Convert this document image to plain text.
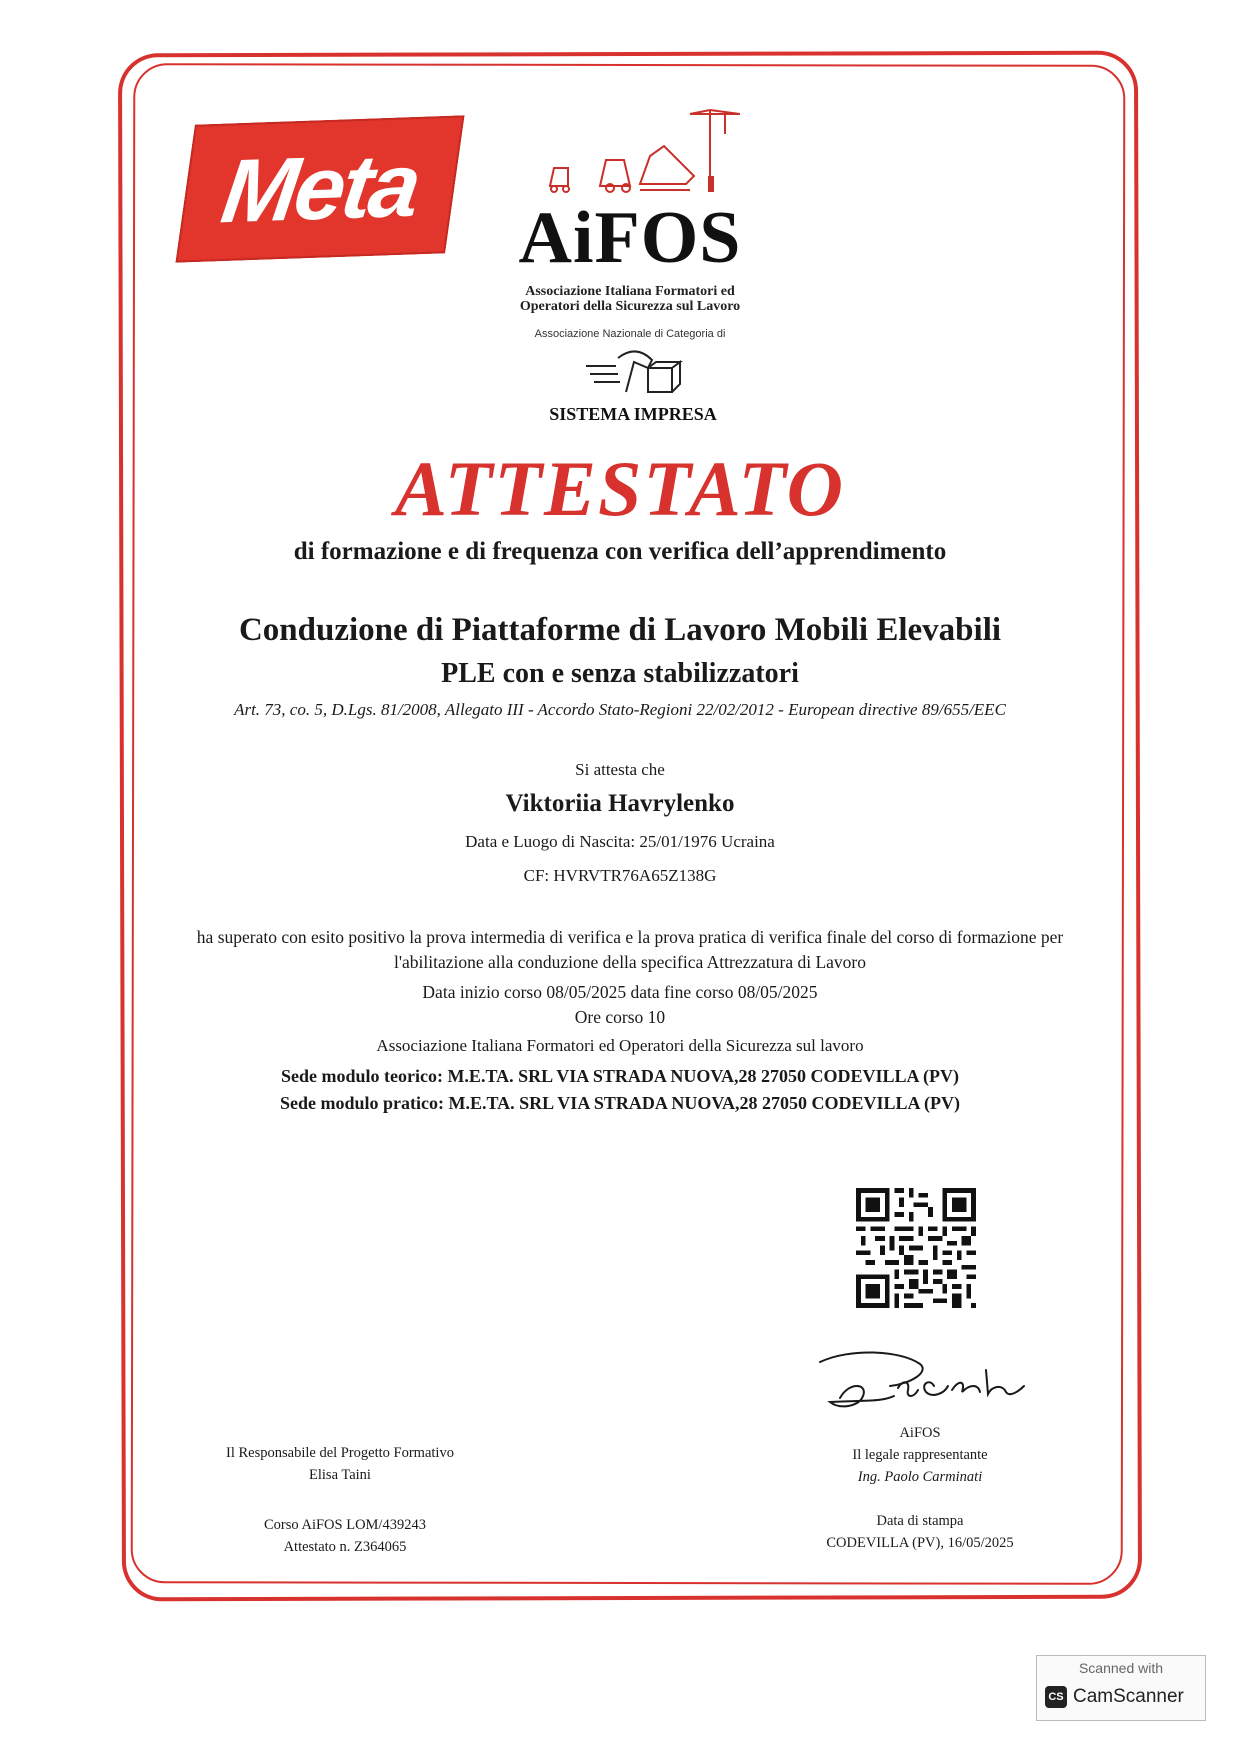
Meta	AiFOS
Associazione Italiana Formatori ed
Operatori della Sicurezza sul Lavoro
Associazione Nazionale di Categoria di
SISTEMA IMPRESA
ATTESTATO
di formazione e di frequenza con verifica dell’apprendimento
Conduzione di Piattaforme di Lavoro Mobili Elevabili
PLE con e senza stabilizzatori
Art. 73, co. 5, D.Lgs. 81/2008, Allegato III - Accordo Stato-Regioni 22/02/2012 - European directive 89/655/EEC
Si attesta che
Viktoriia Havrylenko
Data e Luogo di Nascita: 25/01/1976 Ucraina
CF: HVRVTR76A65Z138G
ha superato con esito positivo la prova intermedia di verifica e la prova pratica di verifica finale del corso di formazione per
l'abilitazione alla conduzione della specifica Attrezzatura di Lavoro
Data inizio corso 08/05/2025 data fine corso 08/05/2025
Ore corso 10
Associazione Italiana Formatori ed Operatori della Sicurezza sul lavoro
Sede modulo teorico: M.E.TA. SRL VIA STRADA NUOVA,28 27050 CODEVILLA (PV)
Sede modulo pratico: M.E.TA. SRL VIA STRADA NUOVA,28 27050 CODEVILLA (PV)
Il Responsabile del Progetto Formativo
Elisa Taini
AiFOS
Il legale rappresentante
Ing. Paolo Carminati
Corso AiFOS LOM/439243
Attestato n. Z364065
Data di stampa
CODEVILLA (PV), 16/05/2025
Scanned with
CS CamScanner
